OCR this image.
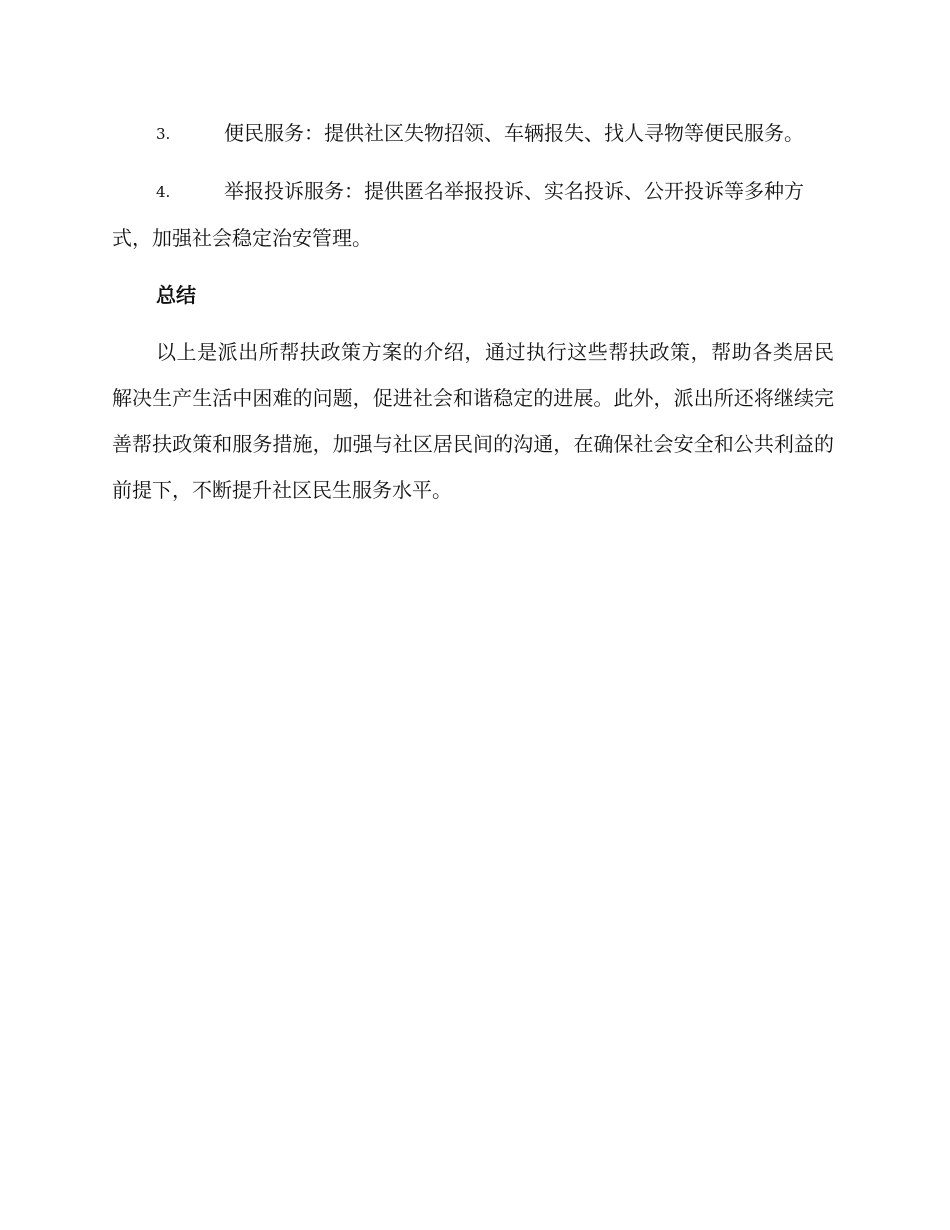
3.	便民服务：提供社区失物招领、车辆报失、找人寻物等便民服务。

4.	举报投诉服务：提供匿名举报投诉、实名投诉、公开投诉等多种方式，加强社会稳定治安管理。

总结

以上是派出所帮扶政策方案的介绍，通过执行这些帮扶政策，帮助各类居民解决生产生活中困难的问题，促进社会和谐稳定的进展。此外，派出所还将继续完善帮扶政策和服务措施，加强与社区居民间的沟通，在确保社会安全和公共利益的前提下，不断提升社区民生服务水平。
